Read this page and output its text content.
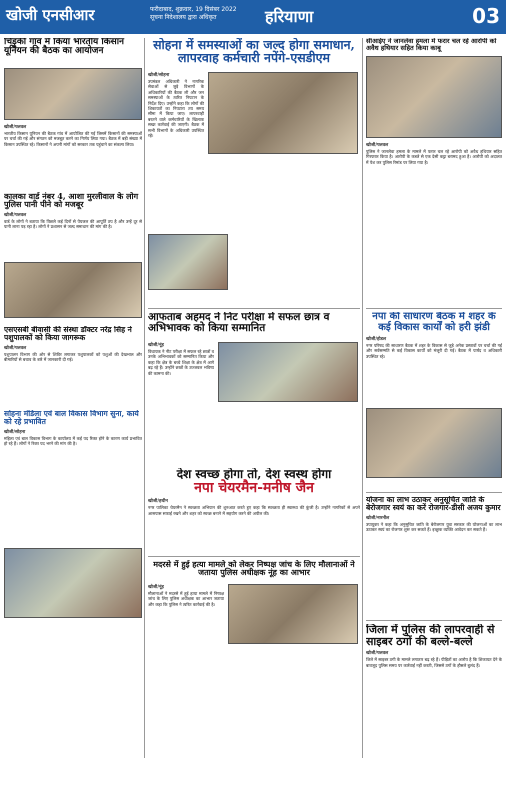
खोजी एनसीआर	फरीदाबाद, शुक्रवार, 19 दिसंबर 2022
सूचना निदेशालय द्वारा अधिकृत	हरियाणा	03
चिड़ुकी गांव में किया भारतीय किसान यूनियन की बैठक का आयोजन
खोजी/पलवल
भारतीय किसान यूनियन की बैठक गांव में आयोजित की गई जिसमें किसानों की समस्याओं पर चर्चा की गई और संगठन को मजबूत करने का निर्णय लिया गया। बैठक में बड़ी संख्या में किसान उपस्थित रहे। किसानों ने अपनी मांगों को सरकार तक पहुंचाने का संकल्प लिया।
सोहना में समस्याओं का जल्द होगा समाधान, लापरवाह कर्मचारी नपेंगे-एसडीएम
खोजी/सोहना
उपमंडल अधिकारी ने नागरिक सेवाओं से जुड़े विभागों के अधिकारियों की बैठक ली और जन समस्याओं के त्वरित निपटान के निर्देश दिए। उन्होंने कहा कि लोगों की शिकायतों का निपटारा तय समय सीमा में किया जाए। लापरवाही बरतने वाले कर्मचारियों के खिलाफ सख्त कार्रवाई की जाएगी। बैठक में सभी विभागों के अधिकारी उपस्थित रहे।
सीआईए ने जानलेवा हमला में फरार चल रहे आरोपी को अवैध हथियार सहित किया काबू
खोजी/पलवल
पुलिस ने जानलेवा हमला के मामले में फरार चल रहे आरोपी को अवैध हथियार सहित गिरफ्तार किया है। आरोपी के कब्जे से एक देसी कट्टा बरामद हुआ है। आरोपी को अदालत में पेश कर पुलिस रिमांड पर लिया गया है।
कालका वार्ड नंबर 4, आशा मुरलीवाल के लोग पुलिस पानी पीने को मजबूर
खोजी/पलवल
वार्ड के लोगों ने बताया कि पिछले कई दिनों से पेयजल की आपूर्ति ठप है और उन्हें दूर से पानी लाना पड़ रहा है। लोगों ने प्रशासन से जल्द समाधान की मांग की है।
आफताब अहमद ने निट परीक्षा में सफल छात्र व अभिभावक को किया सम्मानित
खोजी/नूंह
विधायक ने नीट परीक्षा में सफल रहे छात्रों व उनके अभिभावकों को सम्मानित किया और कहा कि क्षेत्र के बच्चे शिक्षा के क्षेत्र में आगे बढ़ रहे हैं। उन्होंने छात्रों के उज्जवल भविष्य की कामना की।
नपा की साधारण बैठक में शहर के कई विकास कार्यों को हरी झंडी
खोजी/होडल
नगर परिषद की साधारण बैठक में शहर के विकास से जुड़े अनेक प्रस्तावों पर चर्चा की गई और सर्वसम्मति से कई विकास कार्यों को मंजूरी दी गई। बैठक में पार्षद व अधिकारी उपस्थित रहे।
एसएसबी बीवासी की संस्था डॉक्टर नरेंद्र सिंह ने पशुपालकों को किया जागरूक
खोजी/पलवल
पशुपालन विभाग की ओर से शिविर लगाकर पशुपालकों को पशुओं की देखभाल और बीमारियों से बचाव के बारे में जानकारी दी गई।
देश स्वच्छ होगा तो, देश स्वस्थ होगा
नपा चेयरमैन-मनीष जैन
खोजी/हथीन
नगर पालिका चेयरमैन ने स्वच्छता अभियान की शुरुआत करते हुए कहा कि स्वच्छता ही स्वास्थ्य की कुंजी है। उन्होंने नागरिकों से अपने आसपास सफाई रखने और शहर को स्वच्छ बनाने में सहयोग करने की अपील की।
सोहना मंडिला एवं बाल विकास विभाग सुना, कार्य को रहे प्रभावित
खोजी/सोहना
महिला एवं बाल विकास विभाग के कार्यालय में कई पद रिक्त होने के कारण कार्य प्रभावित हो रहे हैं। लोगों ने रिक्त पद भरने की मांग की है।
योजना का लाभ उठाकर अनुसूचित जाति के बेरोजगार स्वयं का करें रोजगार-डीसी अजय कुमार
खोजी/नारनौल
उपायुक्त ने कहा कि अनुसूचित जाति के बेरोजगार युवा सरकार की योजनाओं का लाभ उठाकर स्वयं का रोजगार शुरू कर सकते हैं। इच्छुक व्यक्ति आवेदन कर सकते हैं।
मदरसे में हुई हत्या मामले को लेकर निष्पक्ष जांच के लिए मौलानाओं ने जताया पुलिस अधीक्षक नूंह का आभार
खोजी/नूंह
मौलानाओं ने मदरसे में हुई हत्या मामले में निष्पक्ष जांच के लिए पुलिस अधीक्षक का आभार जताया और कहा कि पुलिस ने त्वरित कार्रवाई की है।
जिला में पुलिस की लापरवाही से साइबर ठगों की बल्ले-बल्ले
खोजी/पलवल
जिले में साइबर ठगी के मामले लगातार बढ़ रहे हैं। पीड़ितों का आरोप है कि शिकायत देने के बावजूद पुलिस समय पर कार्रवाई नहीं करती, जिससे ठगों के हौसले बुलंद हैं।
